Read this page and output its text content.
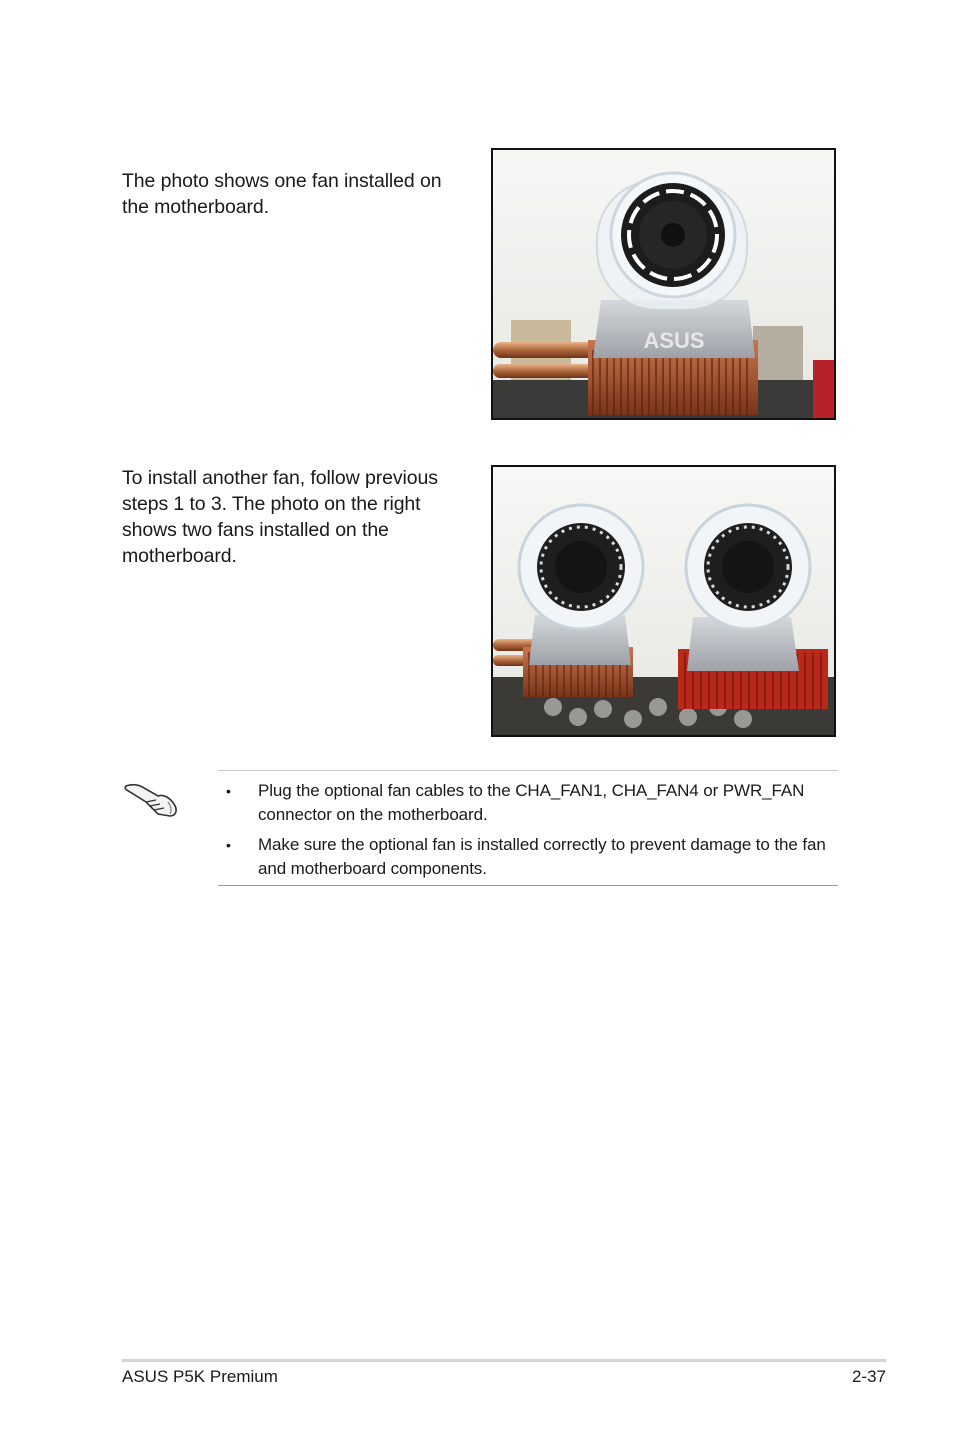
The photo shows one fan installed on the motherboard.

ASUS

To install another fan, follow previous steps 1 to 3. The photo on the right shows two fans installed on the motherboard.

• Plug the optional fan cables to the CHA_FAN1, CHA_FAN4 or PWR_FAN connector on the motherboard.
• Make sure the optional fan is installed correctly to prevent damage to the fan and motherboard components.
ASUS P5K Premium	2-37
